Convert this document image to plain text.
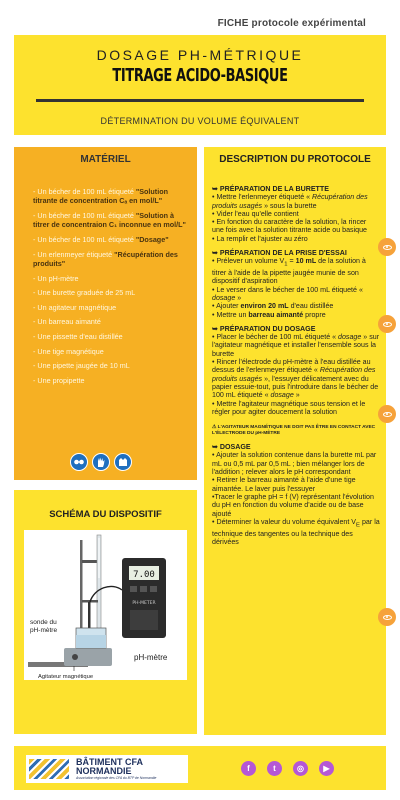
FICHE protocole expérimental
DOSAGE PH-MÉTRIQUE
TITRAGE ACIDO-BASIQUE
DÉTERMINATION DU VOLUME ÉQUIVALENT
MATÉRIEL
- Un bécher de 100 mL étiqueté "Solution titrante de concentration Cₐ en mol/L"
- Un bécher de 100 mL étiqueté "Solution à titrer de concentraion C₁ inconnue en mol/L"
- Un bécher de 100 mL étiqueté "Dosage"
- Un erlenmeyer étiqueté "Récupération des produits"
- Un pH-mètre
- Une burette graduée de 25 mL
- Un agitateur magnétique
- Un barreau aimanté
- Une pissette d'eau distillée
- Une tige magnétique
- Une pipette jaugée de 10 mL
- Une propipette
SCHÉMA DU DISPOSITIF
7.00
PH-METER
sonde du
pH-mètre
pH-mètre
Agitateur magnétique
DESCRIPTION DU PROTOCOLE
➥ PRÉPARATION DE LA BURETTE
• Mettre l'erlenmeyer étiqueté « Récupération des produits usagés » sous la burette
• Vider l'eau qu'elle contient
• En fonction du caractère de la solution, la rincer une fois avec la solution titrante acide ou basique
• La remplir et l'ajuster au zéro
➥ PRÉPARATION DE LA PRISE D'ESSAI
• Prélever un volume $V_1 = 10$ mL de la solution à titrer à l'aide de la pipette jaugée munie de son dispositif d'aspiration
• Le verser dans le bécher de 100 mL étiqueté « dosage »
• Ajouter environ 20 mL d'eau distillée
• Mettre un barreau aimanté propre
➥ PRÉPARATION DU DOSAGE
• Placer le bécher de 100 mL étiqueté « dosage » sur l'agitateur magnétique et installer l'ensemble sous la burette
• Rincer l'électrode du pH-mètre à l'eau distillée au dessus de l'erlenmeyer étiqueté « Récupération des produits usagés », l'essuyer délicatement avec du papier essuie-tout, puis l'introduire dans le bécher de 100 mL étiqueté « dosage »
• Mettre l'agitateur magnétique sous tension et le régler pour agiter doucement la solution
⚠ L'AGITATEUR MAGNÉTIQUE NE DOIT PAS ÊTRE EN CONTACT AVEC L'ÉLECTRODE DU pH-MÈTRE
➥ DOSAGE
• Ajouter la solution contenue dans la burette mL par mL ou 0,5 mL par 0,5 mL ; bien mélanger lors de l'addition ; relever alors le pH correspondant
• Retirer le barreau aimanté à l'aide d'une tige aimantée. Le laver puis l'essuyer
•Tracer le graphe pH = f (V) représentant l'évolution du pH en fonction du volume d'acide ou de base ajouté
• Déterminer la valeur du volume équivalent $V_E$ par la technique des tangentes ou la technique des dérivées
BÂTIMENT CFA
NORMANDIE
Association régionale des CFA du BTP de Normandie
f	t	◎	▶
